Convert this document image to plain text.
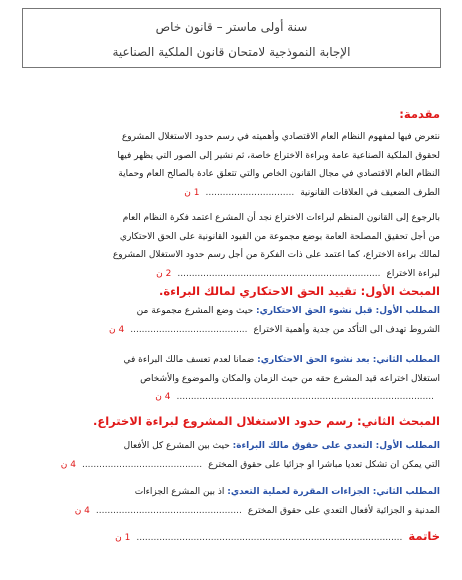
سنة أولى ماستر – قانون خاص
الإجابة النموذجية لامتحان قانون الملكية الصناعية
مقدمة:
نتعرض فيها لمفهوم النظام العام الاقتصادي وأهميته في رسم حدود الاستغلال المشروع
لحقوق الملكية الصناعية عامة وبراءة الاختراع خاصة، ثم نشير إلى الصور التي يظهر فيها
النظام العام الاقتصادي في مجال القانون الخاص والتي تتعلق عادة بالصالح العام وحماية
الطرف الضعيف في العلاقات القانونية
...............................
1 ن
بالرجوع إلى القانون المنظم لبراءات الاختراع نجد أن المشرع اعتمد فكرة النظام العام
من أجل تحقيق المصلحة العامة بوضع مجموعة من القيود القانونية على الحق الاحتكاري
لمالك براءة الاختراع، كما اعتمد على ذات الفكرة من أجل رسم حدود الاستغلال المشروع
لبراءة الاختراع
.......................................................................
2 ن
المبحث الأول: تقييد الحق الاحتكاري لمالك البراءة.
المطلب الأول: قبل نشوء الحق الاحتكاري: حيث وضع المشرع مجموعة من
الشروط تهدف الى التأكد من جدية وأهمية الاختراع
.........................................
4 ن
المطلب الثاني: بعد نشوء الحق الاحتكاري: ضمانا لعدم تعسف مالك البراءة في
استغلال اختراعه قيد المشرع حقه من حيث الزمان والمكان والموضوع والأشخاص
..........................................................................................
4 ن
المبحث الثاني: رسم حدود الاستغلال المشروع لبراءة الاختراع.
المطلب الأول: التعدي على حقوق مالك البراءة: حيث بين المشرع كل الأفعال
التي يمكن ان تشكل تعديا مباشرا او جزائيا على حقوق المخترع
..........................................
4 ن
المطلب الثاني: الجزاءات المقررة لعملية التعدي: اذ بين المشرع الجزاءات
المدنية و الجزائية لأفعال التعدي على حقوق المخترع
...................................................
4 ن
خاتمة
.............................................................................................
1 ن
